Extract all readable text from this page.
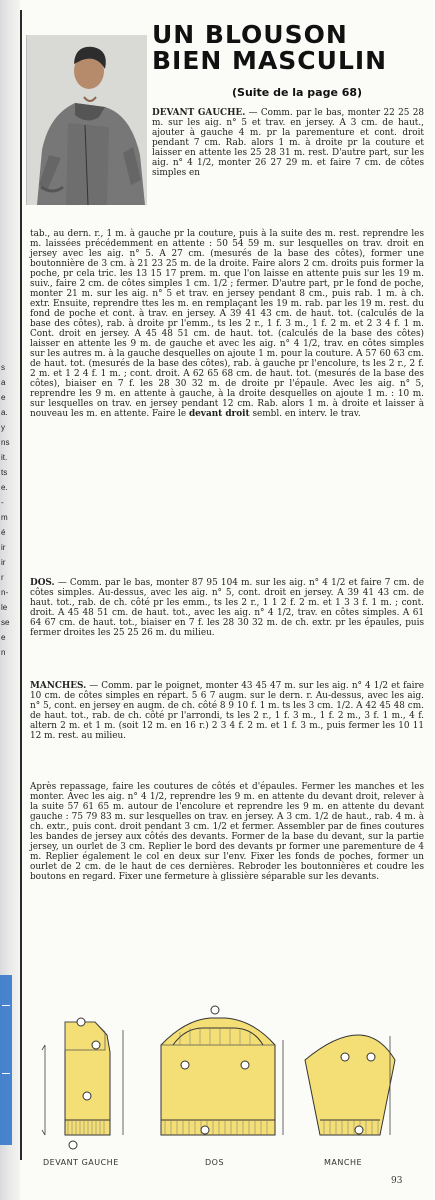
s
a
e
a.
y
ns
it.
ts
e.
-
m
é
ir
ir
r
n-
le
se
e
n
UN BLOUSON
BIEN MASCULIN
(Suite de la page 68)
DEVANT GAUCHE. — Comm. par le bas, monter 22 25 28 m. sur les aig. n° 5 et trav. en jersey. A 3 cm. de haut., ajouter à gauche 4 m. pr la parementure et cont. droit pendant 7 cm. Rab. alors 1 m. à droite pr la couture et laisser en attente les 25 28 31 m. rest. D'autre part, sur les aig. n° 4 1/2, monter 26 27 29 m. et faire 7 cm. de côtes simples en
tab., au dern. r., 1 m. à gauche pr la couture, puis à la suite des m. rest. reprendre les m. laissées précédemment en attente : 50 54 59 m. sur lesquelles on trav. droit en jersey avec les aig. n° 5. A 27 cm. (mesurés de la base des côtes), former une boutonnière de 3 cm. à 21 23 25 m. de la droite. Faire alors 2 cm. droits puis former la poche, pr cela tric. les 13 15 17 prem. m. que l'on laisse en attente puis sur les 19 m. suiv., faire 2 cm. de côtes simples 1 cm. 1/2 ; fermer. D'autre part, pr le fond de poche, monter 21 m. sur les aig. n° 5 et trav. en jersey pendant 8 cm., puis rab. 1 m. à ch. extr. Ensuite, reprendre ttes les m. en remplaçant les 19 m. rab. par les 19 m. rest. du fond de poche et cont. à trav. en jersey. A 39 41 43 cm. de haut. tot. (calculés de la base des côtes), rab. à droite pr l'emm., ts les 2 r., 1 f. 3 m., 1 f. 2 m. et 2 3 4 f. 1 m. Cont. droit en jersey. A 45 48 51 cm. de haut. tot. (calculés de la base des côtes) laisser en attente les 9 m. de gauche et avec les aig. n° 4 1/2, trav. en côtes simples sur les autres m. à la gauche desquelles on ajoute 1 m. pour la couture. A 57 60 63 cm. de haut. tot. (mesurés de la base des côtes), rab. à gauche pr l'encolure, ts les 2 r., 2 f. 2 m. et 1 2 4 f. 1 m. ; cont. droit. A 62 65 68 cm. de haut. tot. (mesurés de la base des côtes), biaiser en 7 f. les 28 30 32 m. de droite pr l'épaule. Avec les aig. n° 5, reprendre les 9 m. en attente à gauche, à la droite desquelles on ajoute 1 m. : 10 m. sur lesquelles on trav. en jersey pendant 12 cm. Rab. alors 1 m. à droite et laisser à nouveau les m. en attente. Faire le devant droit sembl. en interv. le trav.
DOS. — Comm. par le bas, monter 87 95 104 m. sur les aig. n° 4 1/2 et faire 7 cm. de côtes simples. Au-dessus, avec les aig. n° 5, cont. droit en jersey. A 39 41 43 cm. de haut. tot., rab. de ch. côté pr les emm., ts les 2 r., 1 1 2 f. 2 m. et 1 3 3 f. 1 m. ; cont. droit. A 45 48 51 cm. de haut. tot., avec les aig. n° 4 1/2, trav. en côtes simples. A 61 64 67 cm. de haut. tot., biaiser en 7 f. les 28 30 32 m. de ch. extr. pr les épaules, puis fermer droites les 25 25 26 m. du milieu.
MANCHES. — Comm. par le poignet, monter 43 45 47 m. sur les aig. n° 4 1/2 et faire 10 cm. de côtes simples en répart. 5 6 7 augm. sur le dern. r. Au-dessus, avec les aig. n° 5, cont. en jersey en augm. de ch. côté 8 9 10 f. 1 m. ts les 3 cm. 1/2. A 42 45 48 cm. de haut. tot., rab. de ch. côté pr l'arrondi, ts les 2 r., 1 f. 3 m., 1 f. 2 m., 3 f. 1 m., 4 f. altern 2 m. et 1 m. (soit 12 m. en 16 r.) 2 3 4 f. 2 m. et 1 f. 3 m., puis fermer les 10 11 12 m. rest. au milieu.
Après repassage, faire les coutures de côtés et d'épaules. Fermer les manches et les monter. Avec les aig. n° 4 1/2, reprendre les 9 m. en attente du devant droit, relever à la suite 57 61 65 m. autour de l'encolure et reprendre les 9 m. en attente du devant gauche : 75 79 83 m. sur lesquelles on trav. en jersey. A 3 cm. 1/2 de haut., rab. 4 m. à ch. extr., puis cont. droit pendant 3 cm. 1/2 et fermer. Assembler par de fines coutures les bandes de jersey aux côtés des devants. Former de la base du devant, sur la partie jersey, un ourlet de 3 cm. Replier le bord des devants pr former une parementure de 4 m. Replier également le col en deux sur l'env. Fixer les fonds de poches, former un ourlet de 2 cm. de le haut de ces dernières. Rebroder les boutonnières et coudre les boutons en regard. Fixer une fermeture à glissière séparable sur les devants.
DEVANT GAUCHE	DOS	MANCHE
93
